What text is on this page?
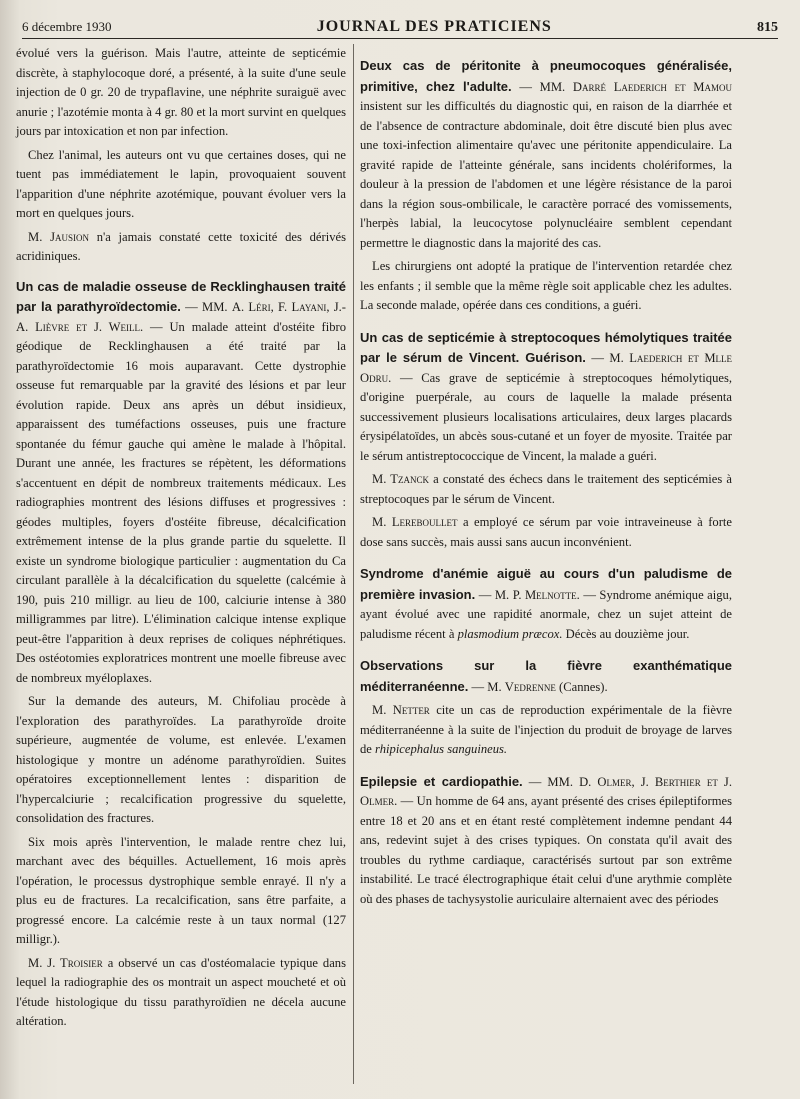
6 décembre 1930	JOURNAL DES PRATICIENS	815

évolué vers la guérison. Mais l'autre, atteinte de septicémie discrète, à staphylocoque doré, a présenté, à la suite d'une seule injection de 0 gr. 20 de trypaflavine, une néphrite suraiguë avec anurie ; l'azotémie monta à 4 gr. 80 et la mort survint en quelques jours par intoxication et non par infection.

Chez l'animal, les auteurs ont vu que certaines doses, qui ne tuent pas immédiatement le lapin, provoquaient souvent l'apparition d'une néphrite azotémique, pouvant évoluer vers la mort en quelques jours.

M. Jausion n'a jamais constaté cette toxicité des dérivés acridiniques.

Un cas de maladie osseuse de Recklinghausen traité par la parathyroïdectomie. — MM. A. Léri, F. Layani, J.-A. Lièvre et J. Weill. — Un malade atteint d'ostéite fibro géodique de Recklinghausen a été traité par la parathyroïdectomie 16 mois auparavant. Cette dystrophie osseuse fut remarquable par la gravité des lésions et par leur évolution rapide. Deux ans après un début insidieux, apparaissent des tuméfactions osseuses, puis une fracture spontanée du fémur gauche qui amène le malade à l'hôpital. Durant une année, les fractures se répètent, les déformations s'accentuent en dépit de nombreux traitements médicaux. Les radiographies montrent des lésions diffuses et progressives : géodes multiples, foyers d'ostéite fibreuse, décalcification extrêmement intense de la plus grande partie du squelette. Il existe un syndrome biologique particulier : augmentation du Ca circulant parallèle à la décalcification du squelette (calcémie à 190, puis 210 milligr. au lieu de 100, calciurie intense à 380 milligrammes par litre). L'élimination calcique intense explique peut-être l'apparition à deux reprises de coliques néphrétiques. Des ostéotomies exploratrices montrent une moelle fibreuse avec de nombreux myéloplaxes.

Sur la demande des auteurs, M. Chifoliau procède à l'exploration des parathyroïdes. La parathyroïde droite supérieure, augmentée de volume, est enlevée. L'examen histologique y montre un adénome parathyroïdien. Suites opératoires exceptionnellement lentes : disparition de l'hypercalciurie ; recalcification progressive du squelette, consolidation des fractures.

Six mois après l'intervention, le malade rentre chez lui, marchant avec des béquilles. Actuellement, 16 mois après l'opération, le processus dystrophique semble enrayé. Il n'y a plus eu de fractures. La recalcification, sans être parfaite, a progressé encore. La calcémie reste à un taux normal (127 milligr.).

M. J. Troisier a observé un cas d'ostéomalacie typique dans lequel la radiographie des os montrait un aspect moucheté et où l'étude histologique du tissu parathyroïdien ne décela aucune altération.

Deux cas de péritonite à pneumocoques généralisée, primitive, chez l'adulte. — MM. Darré Laederich et Mamou insistent sur les difficultés du diagnostic qui, en raison de la diarrhée et de l'absence de contracture abdominale, doit être discuté bien plus avec une toxi-infection alimentaire qu'avec une péritonite appendiculaire. La gravité rapide de l'atteinte générale, sans incidents cholériformes, la douleur à la pression de l'abdomen et une légère résistance de la paroi dans la région sous-ombilicale, le caractère porracé des vomissements, l'herpès labial, la leucocytose polynucléaire semblent cependant permettre le diagnostic dans la majorité des cas.

Les chirurgiens ont adopté la pratique de l'intervention retardée chez les enfants ; il semble que la même règle soit applicable chez les adultes. La seconde malade, opérée dans ces conditions, a guéri.

Un cas de septicémie à streptocoques hémolytiques traitée par le sérum de Vincent. Guérison. — M. Laederich et Mlle Odru. — Cas grave de septicémie à streptocoques hémolytiques, d'origine puerpérale, au cours de laquelle la malade présenta successivement plusieurs localisations articulaires, deux larges placards érysipélatoïdes, un abcès sous-cutané et un foyer de myosite. Traitée par le sérum antistreptococcique de Vincent, la malade a guéri.

M. Tzanck a constaté des échecs dans le traitement des septicémies à streptocoques par le sérum de Vincent.

M. Lereboullet a employé ce sérum par voie intraveineuse à forte dose sans succès, mais aussi sans aucun inconvénient.

Syndrome d'anémie aiguë au cours d'un paludisme de première invasion. — M. P. Melnotte. — Syndrome anémique aigu, ayant évolué avec une rapidité anormale, chez un sujet atteint de paludisme récent à plasmodium præcox. Décès au douzième jour.

Observations sur la fièvre exanthématique méditerranéenne. — M. Vedrenne (Cannes).

M. Netter cite un cas de reproduction expérimentale de la fièvre méditerranéenne à la suite de l'injection du produit de broyage de larves de rhipicephalus sanguineus.

Epilepsie et cardiopathie. — MM. D. Olmer, J. Berthier et J. Olmer. — Un homme de 64 ans, ayant présenté des crises épileptiformes entre 18 et 20 ans et en étant resté complètement indemne pendant 44 ans, redevint sujet à des crises typiques. On constata qu'il avait des troubles du rythme cardiaque, caractérisés surtout par son extrême instabilité. Le tracé électrographique était celui d'une arythmie complète où des phases de tachysystolie auriculaire alternaient avec des périodes
